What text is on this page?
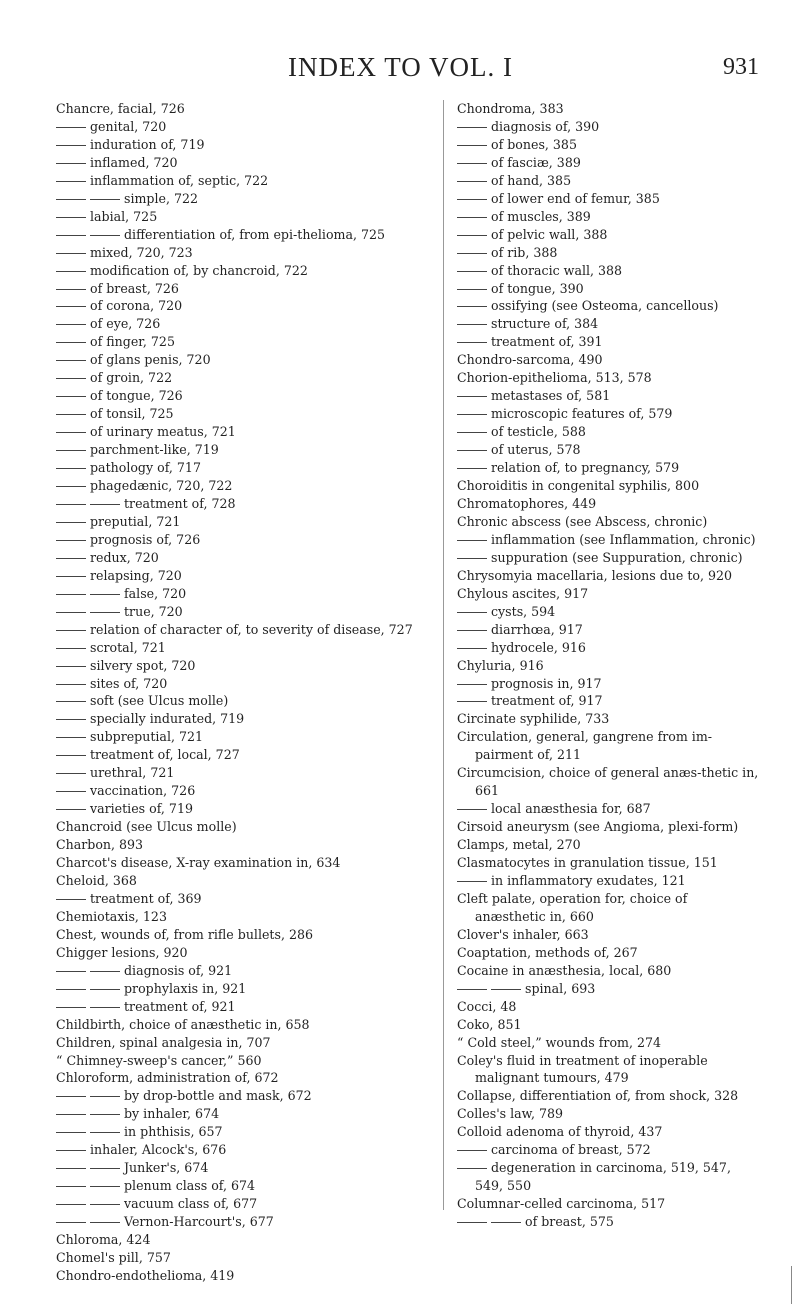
INDEX TO VOL. I	931
Chancre, facial, 726
genital, 720
induration of, 719
inflamed, 720
inflammation of, septic, 722
simple, 722
labial, 725
differentiation of, from epi-thelioma, 725
mixed, 720, 723
modification of, by chancroid, 722
of breast, 726
of corona, 720
of eye, 726
of finger, 725
of glans penis, 720
of groin, 722
of tongue, 726
of tonsil, 725
of urinary meatus, 721
parchment-like, 719
pathology of, 717
phagedænic, 720, 722
treatment of, 728
preputial, 721
prognosis of, 726
redux, 720
relapsing, 720
false, 720
true, 720
relation of character of, to severity of disease, 727
scrotal, 721
silvery spot, 720
sites of, 720
soft (see Ulcus molle)
specially indurated, 719
subpreputial, 721
treatment of, local, 727
urethral, 721
vaccination, 726
varieties of, 719
Chancroid (see Ulcus molle)
Charbon, 893
Charcot's disease, X-ray examination in, 634
Cheloid, 368
treatment of, 369
Chemiotaxis, 123
Chest, wounds of, from rifle bullets, 286
Chigger lesions, 920
diagnosis of, 921
prophylaxis in, 921
treatment of, 921
Childbirth, choice of anæsthetic in, 658
Children, spinal analgesia in, 707
“ Chimney-sweep's cancer,” 560
Chloroform, administration of, 672
by drop-bottle and mask, 672
by inhaler, 674
in phthisis, 657
inhaler, Alcock's, 676
Junker's, 674
plenum class of, 674
vacuum class of, 677
Vernon-Harcourt's, 677
Chloroma, 424
Chomel's pill, 757
Chondro-endothelioma, 419
Chondroma, 383
diagnosis of, 390
of bones, 385
of fasciæ, 389
of hand, 385
of lower end of femur, 385
of muscles, 389
of pelvic wall, 388
of rib, 388
of thoracic wall, 388
of tongue, 390
ossifying (see Osteoma, cancellous)
structure of, 384
treatment of, 391
Chondro-sarcoma, 490
Chorion-epithelioma, 513, 578
metastases of, 581
microscopic features of, 579
of testicle, 588
of uterus, 578
relation of, to pregnancy, 579
Choroiditis in congenital syphilis, 800
Chromatophores, 449
Chronic abscess (see Abscess, chronic)
inflammation (see Inflammation, chronic)
suppuration (see Suppuration, chronic)
Chrysomyia macellaria, lesions due to, 920
Chylous ascites, 917
cysts, 594
diarrhœa, 917
hydrocele, 916
Chyluria, 916
prognosis in, 917
treatment of, 917
Circinate syphilide, 733
Circulation, general, gangrene from im-pairment of, 211
Circumcision, choice of general anæs-thetic in, 661
local anæsthesia for, 687
Cirsoid aneurysm (see Angioma, plexi-form)
Clamps, metal, 270
Clasmatocytes in granulation tissue, 151
in inflammatory exudates, 121
Cleft palate, operation for, choice of anæsthetic in, 660
Clover's inhaler, 663
Coaptation, methods of, 267
Cocaine in anæsthesia, local, 680
spinal, 693
Cocci, 48
Coko, 851
“ Cold steel,” wounds from, 274
Coley's fluid in treatment of inoperable malignant tumours, 479
Collapse, differentiation of, from shock, 328
Colles's law, 789
Colloid adenoma of thyroid, 437
carcinoma of breast, 572
degeneration in carcinoma, 519, 547, 549, 550
Columnar-celled carcinoma, 517
of breast, 575
